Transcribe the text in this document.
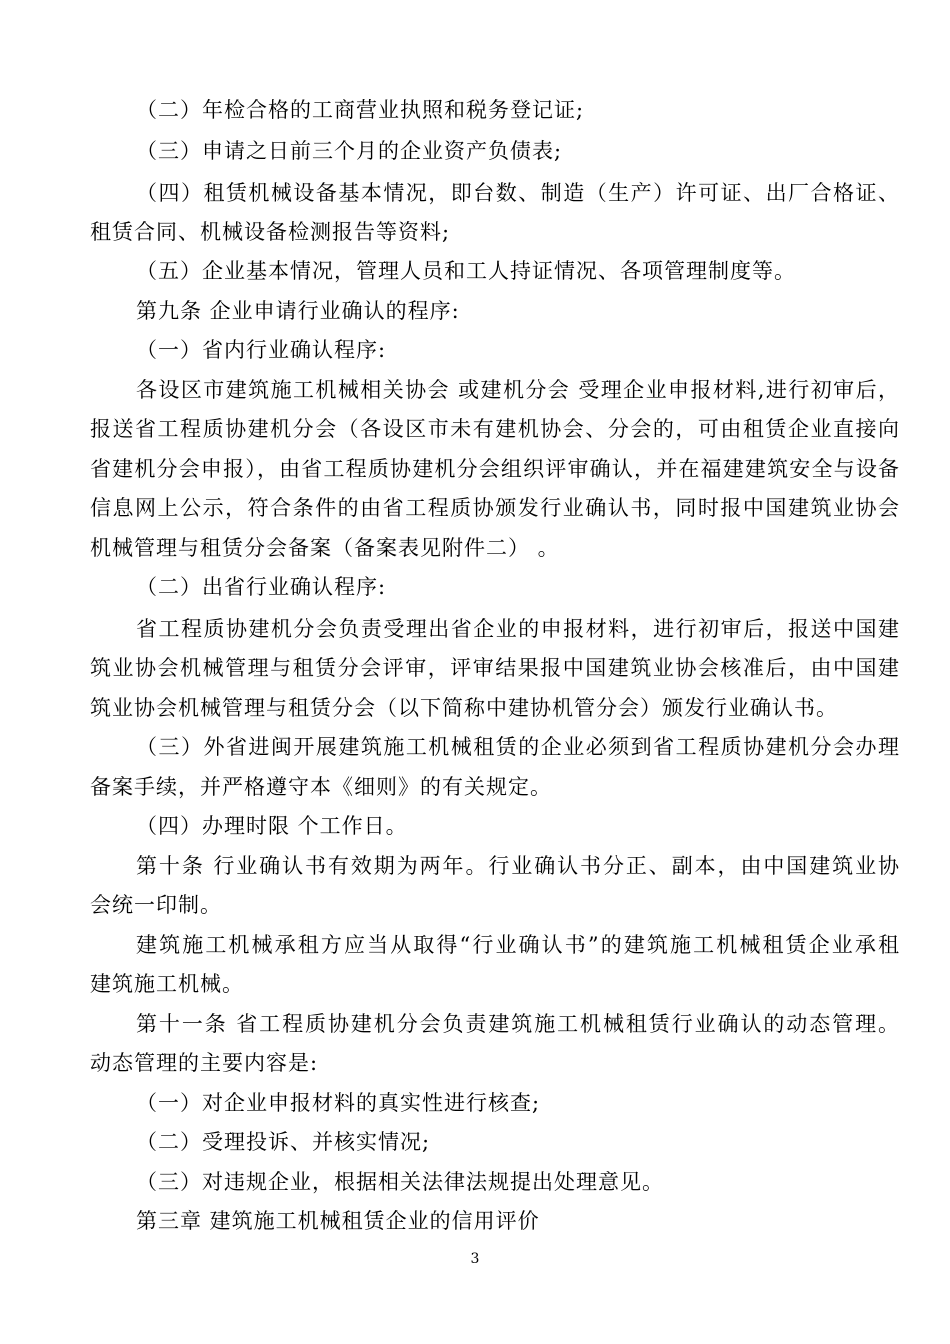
（二）年检合格的工商营业执照和税务登记证;
（三）申请之日前三个月的企业资产负债表;
（四）租赁机械设备基本情况，即台数、制造（生产）许可证、出厂合格证、
租赁合同、机械设备检测报告等资料;
（五）企业基本情况，管理人员和工人持证情况、各项管理制度等。
第九条 企业申请行业确认的程序:
（一）省内行业确认程序:
各设区市建筑施工机械相关协会 或建机分会 受理企业申报材料,进行初审后，
报送省工程质协建机分会（各设区市未有建机协会、分会的，可由租赁企业直接向
省建机分会申报），由省工程质协建机分会组织评审确认，并在福建建筑安全与设备
信息网上公示，符合条件的由省工程质协颁发行业确认书，同时报中国建筑业协会
机械管理与租赁分会备案（备案表见附件二） 。
（二）出省行业确认程序:
省工程质协建机分会负责受理出省企业的申报材料，进行初审后，报送中国建
筑业协会机械管理与租赁分会评审，评审结果报中国建筑业协会核准后，由中国建
筑业协会机械管理与租赁分会（以下简称中建协机管分会）颁发行业确认书。
（三）外省进闽开展建筑施工机械租赁的企业必须到省工程质协建机分会办理
备案手续，并严格遵守本《细则》的有关规定。
（四）办理时限 个工作日。
第十条 行业确认书有效期为两年。行业确认书分正、副本，由中国建筑业协
会统一印制。
建筑施工机械承租方应当从取得“行业确认书”的建筑施工机械租赁企业承租
建筑施工机械。
第十一条 省工程质协建机分会负责建筑施工机械租赁行业确认的动态管理。
动态管理的主要内容是:
（一）对企业申报材料的真实性进行核查;
（二）受理投诉、并核实情况;
（三）对违规企业，根据相关法律法规提出处理意见。
第三章 建筑施工机械租赁企业的信用评价
3
